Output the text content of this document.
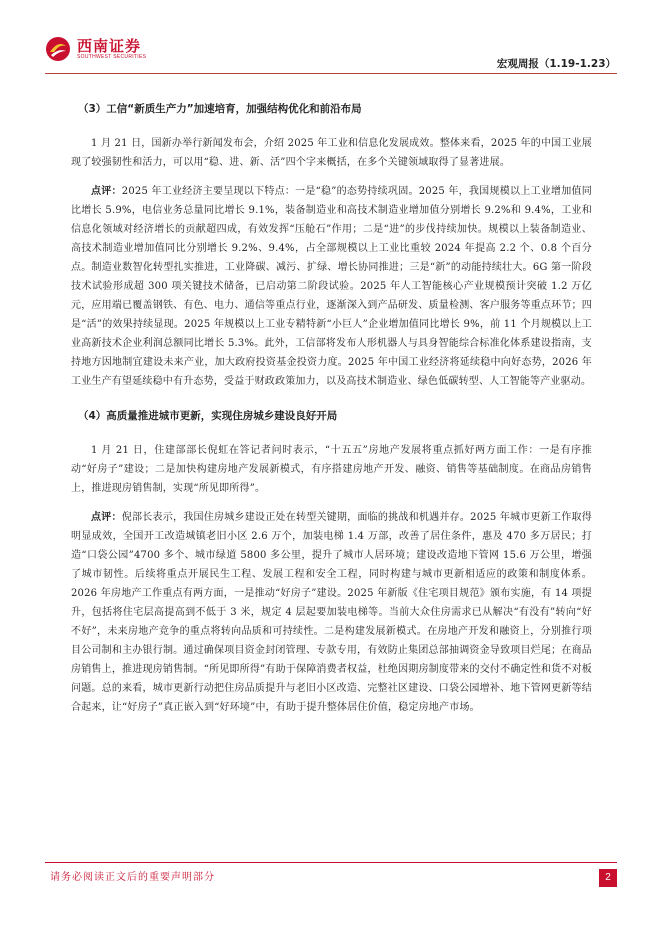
西南证券
SOUTHWEST SECURITIES
宏观周报（1.19-1.23）
（3）工信“新质生产力”加速培育，加强结构优化和前沿布局

1 月 21 日，国新办举行新闻发布会，介绍 2025 年工业和信息化发展成效。整体来看，2025 年的中国工业展现了较强韧性和活力，可以用“稳、进、新、活”四个字来概括，在多个关键领域取得了显著进展。

点评：2025 年工业经济主要呈现以下特点：一是“稳”的态势持续巩固。2025 年，我国规模以上工业增加值同比增长 5.9%，电信业务总量同比增长 9.1%，装备制造业和高技术制造业增加值分别增长 9.2%和 9.4%，工业和信息化领域对经济增长的贡献超四成，有效发挥“压舱石”作用；二是“进”的步伐持续加快。规模以上装备制造业、高技术制造业增加值同比分别增长 9.2%、9.4%，占全部规模以上工业比重较 2024 年提高 2.2 个、0.8 个百分点。制造业数智化转型扎实推进，工业降碳、减污、扩绿、增长协同推进；三是“新”的动能持续壮大。6G 第一阶段技术试验形成超 300 项关键技术储备，已启动第二阶段试验。2025 年人工智能核心产业规模预计突破 1.2 万亿元，应用端已覆盖钢铁、有色、电力、通信等重点行业，逐渐深入到产品研发、质量检测、客户服务等重点环节；四是“活”的效果持续显现。2025 年规模以上工业专精特新“小巨人”企业增加值同比增长 9%，前 11 个月规模以上工业高新技术企业利润总额同比增长 5.3%。此外，工信部将发布人形机器人与具身智能综合标准化体系建设指南，支持地方因地制宜建设未来产业，加大政府投资基金投资力度。2025 年中国工业经济将延续稳中向好态势，2026 年工业生产有望延续稳中有升态势，受益于财政政策加力，以及高技术制造业、绿色低碳转型、人工智能等产业驱动。

（4）高质量推进城市更新，实现住房城乡建设良好开局

1 月 21 日，住建部部长倪虹在答记者问时表示，“十五五”房地产发展将重点抓好两方面工作：一是有序推动“好房子”建设；二是加快构建房地产发展新模式，有序搭建房地产开发、融资、销售等基础制度。在商品房销售上，推进现房销售制，实现“所见即所得”。

点评：倪部长表示，我国住房城乡建设正处在转型关键期，面临的挑战和机遇并存。2025 年城市更新工作取得明显成效，全国开工改造城镇老旧小区 2.6 万个，加装电梯 1.4 万部，改善了居住条件，惠及 470 多万居民；打造“口袋公园”4700 多个、城市绿道 5800 多公里，提升了城市人居环境；建设改造地下管网 15.6 万公里，增强了城市韧性。后续将重点开展民生工程、发展工程和安全工程，同时构建与城市更新相适应的政策和制度体系。2026 年房地产工作重点有两方面，一是推动“好房子”建设。2025 年新版《住宅项目规范》颁布实施，有 14 项提升，包括将住宅层高提高到不低于 3 米，规定 4 层起要加装电梯等。当前大众住房需求已从解决“有没有”转向“好不好”，未来房地产竞争的重点将转向品质和可持续性。二是构建发展新模式。在房地产开发和融资上，分别推行项目公司制和主办银行制。通过确保项目资金封闭管理、专款专用，有效防止集团总部抽调资金导致项目烂尾；在商品房销售上，推进现房销售制。“所见即所得”有助于保障消费者权益，杜绝因期房制度带来的交付不确定性和货不对板问题。总的来看，城市更新行动把住房品质提升与老旧小区改造、完整社区建设、口袋公园增补、地下管网更新等结合起来，让“好房子”真正嵌入到“好环境”中，有助于提升整体居住价值，稳定房地产市场。

请务必阅读正文后的重要声明部分	2
